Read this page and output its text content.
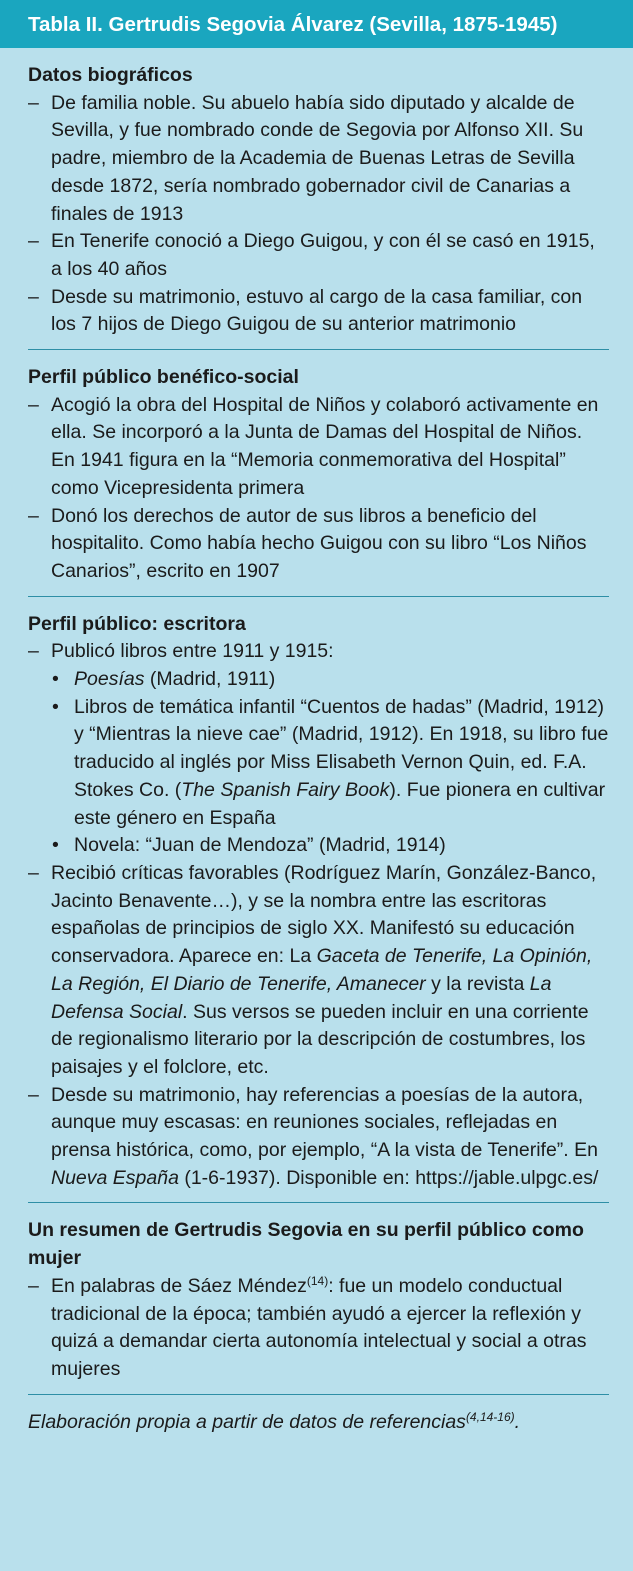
Tabla II. Gertrudis Segovia Álvarez (Sevilla, 1875-1945)

Datos biográficos

– De familia noble. Su abuelo había sido diputado y alcalde de Sevilla, y fue nombrado conde de Segovia por Alfonso XII. Su padre, miembro de la Academia de Buenas Letras de Sevilla desde 1872, sería nombrado gobernador civil de Canarias a finales de 1913
– En Tenerife conoció a Diego Guigou, y con él se casó en 1915, a los 40 años
– Desde su matrimonio, estuvo al cargo de la casa familiar, con los 7 hijos de Diego Guigou de su anterior matrimonio

Perfil público benéfico-social

– Acogió la obra del Hospital de Niños y colaboró activamente en ella. Se incorporó a la Junta de Damas del Hospital de Niños. En 1941 figura en la “Memoria conmemorativa del Hospital” como Vicepresidenta primera
– Donó los derechos de autor de sus libros a beneficio del hospitalito. Como había hecho Guigou con su libro “Los Niños Canarios”, escrito en 1907

Perfil público: escritora

– Publicó libros entre 1911 y 1915:
• Poesías (Madrid, 1911)
• Libros de temática infantil “Cuentos de hadas” (Madrid, 1912) y “Mientras la nieve cae” (Madrid, 1912). En 1918, su libro fue traducido al inglés por Miss Elisabeth Vernon Quin, ed. F.A. Stokes Co. (The Spanish Fairy Book). Fue pionera en cultivar este género en España
• Novela: “Juan de Mendoza” (Madrid, 1914)
– Recibió críticas favorables (Rodríguez Marín, González-Banco, Jacinto Benavente…), y se la nombra entre las escritoras españolas de principios de siglo XX. Manifestó su educación conservadora. Aparece en: La Gaceta de Tenerife, La Opinión, La Región, El Diario de Tenerife, Amanecer y la revista La Defensa Social. Sus versos se pueden incluir en una corriente de regionalismo literario por la descripción de costumbres, los paisajes y el folclore, etc.
– Desde su matrimonio, hay referencias a poesías de la autora, aunque muy escasas: en reuniones sociales, reflejadas en prensa histórica, como, por ejemplo, “A la vista de Tenerife”. En Nueva España (1-6-1937). Disponible en: https://jable.ulpgc.es/

Un resumen de Gertrudis Segovia en su perfil público como mujer

– En palabras de Sáez Méndez$^{(14)}$: fue un modelo conductual tradicional de la época; también ayudó a ejercer la reflexión y quizá a demandar cierta autonomía intelectual y social a otras mujeres
Elaboración propia a partir de datos de referencias$^{(4,14-16)}$.
